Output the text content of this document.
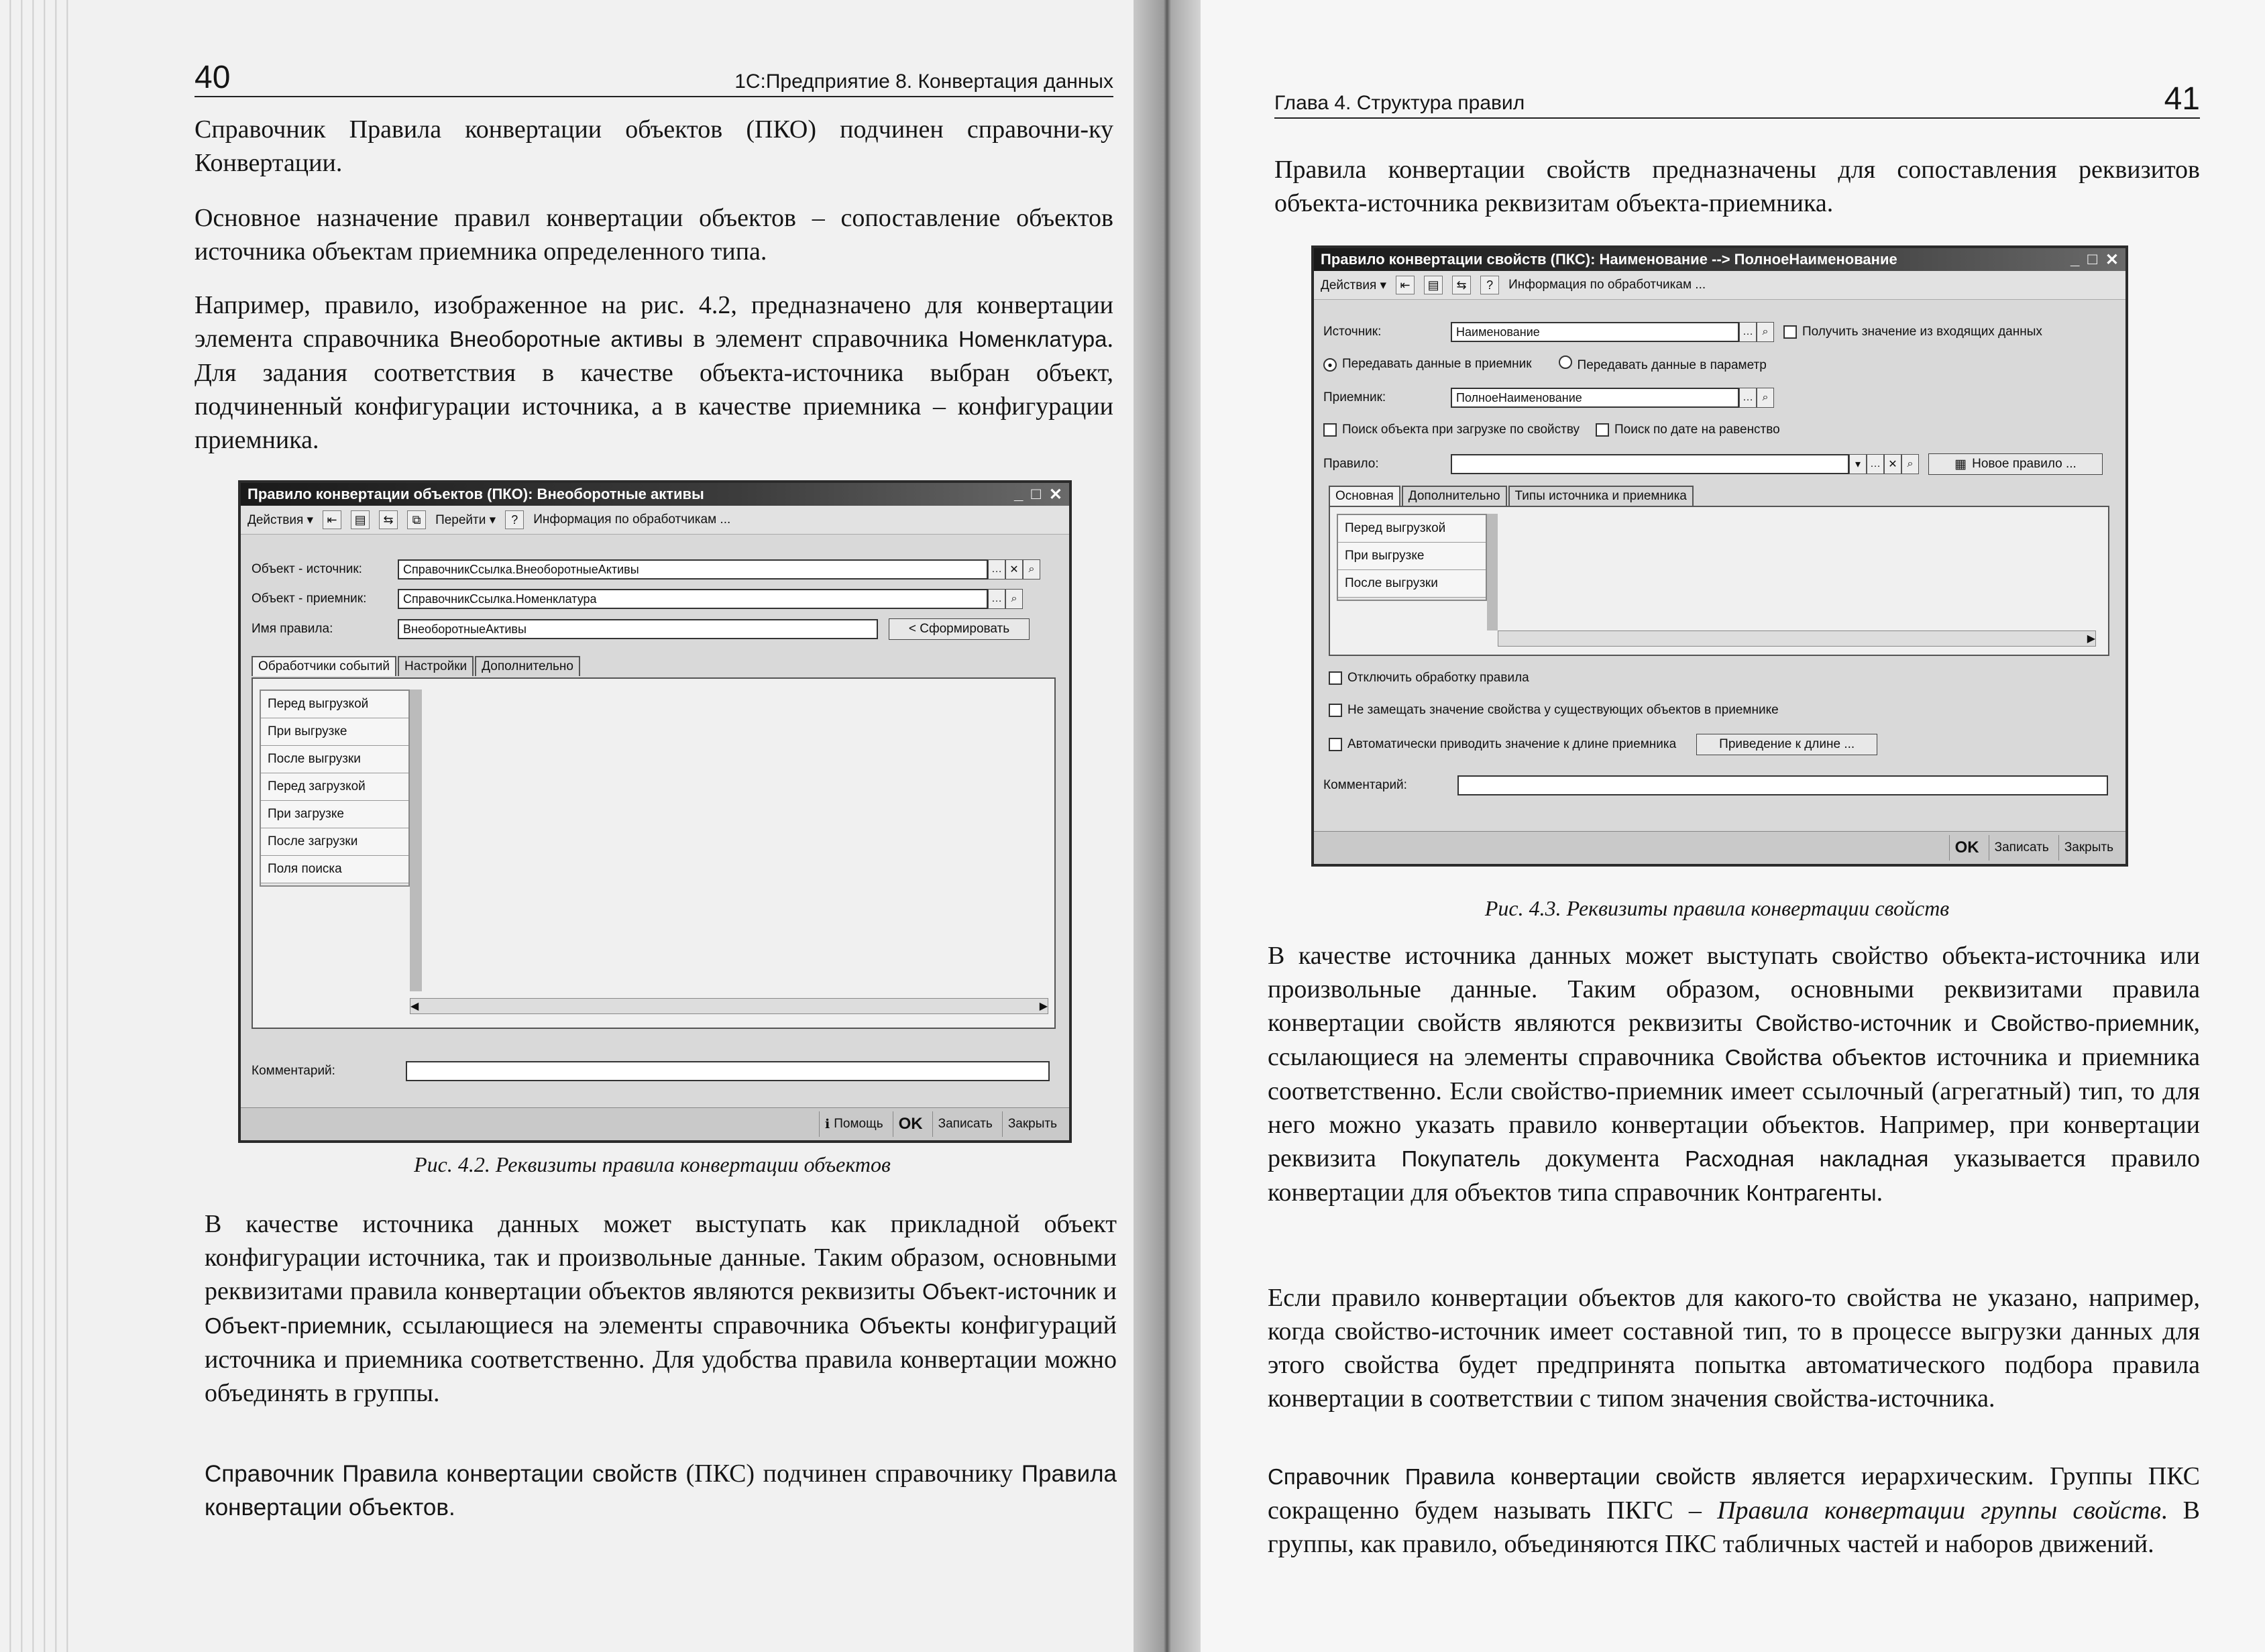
40	1С:Предприятие 8. Конвертация данных

Справочник Правила конвертации объектов (ПКО) подчинен справочни-ку Конвертации.

Основное назначение правил конвертации объектов – сопоставление объектов источника объектам приемника определенного типа.

Например, правило, изображенное на рис. 4.2, предназначено для конвертации элемента справочника Внеоборотные активы в элемент справочника Номенклатура. Для задания соответствия в качестве объекта-источника выбран объект, подчиненный конфигурации источника, а в качестве приемника – конфигурации приемника.

Правило конвертации объектов (ПКО): Внеоборотные активы	_ □ ✕
Действия ▾	⇤	▤	⇆	⧉	Перейти ▾	?	Информация по обработчикам ...
Объект - источник:	СправочникСсылка.ВнеоборотныеАктивы	… ✕ ⌕
Объект - приемник:	СправочникСсылка.Номенклатура	… ⌕
Имя правила:	ВнеоборотныеАктивы	< Сформировать
Обработчики событий	Настройки	Дополнительно
Перед выгрузкой
При выгрузке
После выгрузки
Перед загрузкой
При загрузке
После загрузки
Поля поиска
◀	▶
Комментарий:
ℹ Помощь OK	Записать	Закрыть
Рис. 4.2. Реквизиты правила конвертации объектов

В качестве источника данных может выступать как прикладной объект конфигурации источника, так и произвольные данные. Таким образом, основными реквизитами правила конвертации объектов являются реквизиты Объект-источник и Объект-приемник, ссылающиеся на элементы справочника Объекты конфигураций источника и приемника соответственно. Для удобства правила конвертации можно объединять в группы.

Справочник Правила конвертации свойств (ПКС) подчинен справочнику Правила конвертации объектов.

Глава 4. Структура правил	41

Правила конвертации свойств предназначены для сопоставления реквизитов объекта-источника реквизитам объекта-приемника.

Правило конвертации свойств (ПКС): Наименование --> ПолноеНаименование	_ □ ✕
Действия ▾	⇤	▤	⇆	?	Информация по обработчикам ...
Источник:	Наименование	… ⌕	Получить значение из входящих данных
● Передавать данные в приемник	Передавать данные в параметр
Приемник:	ПолноеНаименование	… ⌕
Поиск объекта при загрузке по свойству	Поиск по дате на равенство
Правило:	▾ … ✕ ⌕	▦ Новое правило ...
Основная	Дополнительно	Типы источника и приемника
Перед выгрузкой
При выгрузке
После выгрузки
▶
Отключить обработку правила
Не замещать значение свойства у существующих объектов в приемнике
Автоматически приводить значение к длине приемника	Приведение к длине ...
Комментарий:
OK	Записать	Закрыть
Рис. 4.3. Реквизиты правила конвертации свойств

В качестве источника данных может выступать свойство объекта-источника или произвольные данные. Таким образом, основными реквизитами правила конвертации свойств являются реквизиты Свойство-источник и Свойство-приемник, ссылающиеся на элементы справочника Свойства объектов источника и приемника соответственно. Если свойство-приемник имеет ссылочный (агрегатный) тип, то для него можно указать правило конвертации объектов. Например, при конвертации реквизита Покупатель документа Расходная накладная указывается правило конвертации для объектов типа справочник Контрагенты.

Если правило конвертации объектов для какого-то свойства не указано, например, когда свойство-источник имеет составной тип, то в процессе выгрузки данных для этого свойства будет предпринята попытка автоматического подбора правила конвертации в соответствии с типом значения свойства-источника.

Справочник Правила конвертации свойств является иерархическим. Группы ПКС сокращенно будем называть ПКГС – Правила конвертации группы свойств. В группы, как правило, объединяются ПКС табличных частей и наборов движений.
